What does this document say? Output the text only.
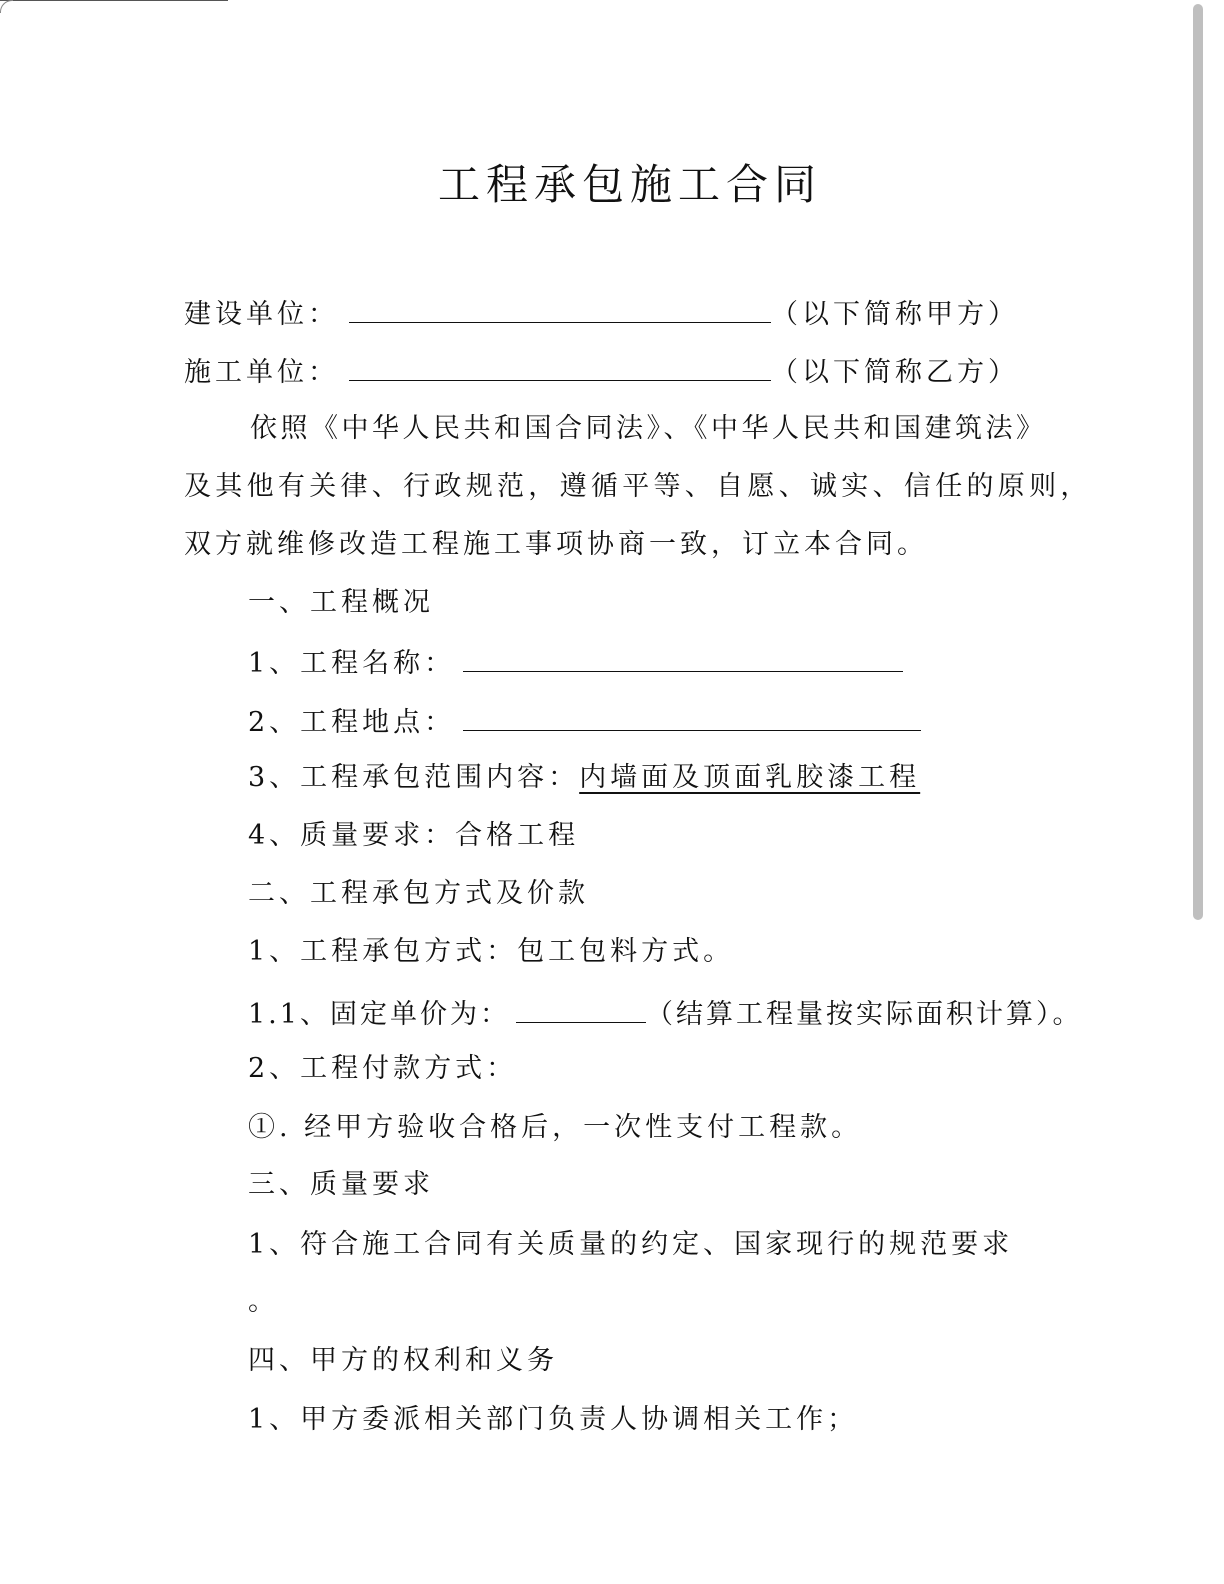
工程承包施工合同
建设单位：	（以下简称甲方）
施工单位：	（以下简称乙方）
依照《中华人民共和国合同法》、《中华人民共和国建筑法》
及其他有关律、行政规范，遵循平等、自愿、诚实、信任的原则，
双方就维修改造工程施工事项协商一致，订立本合同。
一、工程概况
1、工程名称：
2、工程地点：
3、工程承包范围内容：内墙面及顶面乳胶漆工程
4、质量要求：合格工程
二、工程承包方式及价款
1、工程承包方式：包工包料方式。
1.1、固定单价为：	（结算工程量按实际面积计算）。
2、工程付款方式：
①. 经甲方验收合格后，一次性支付工程款。
三、质量要求
1、符合施工合同有关质量的约定、国家现行的规范要求
。
四、甲方的权利和义务
1、甲方委派相关部门负责人协调相关工作；
